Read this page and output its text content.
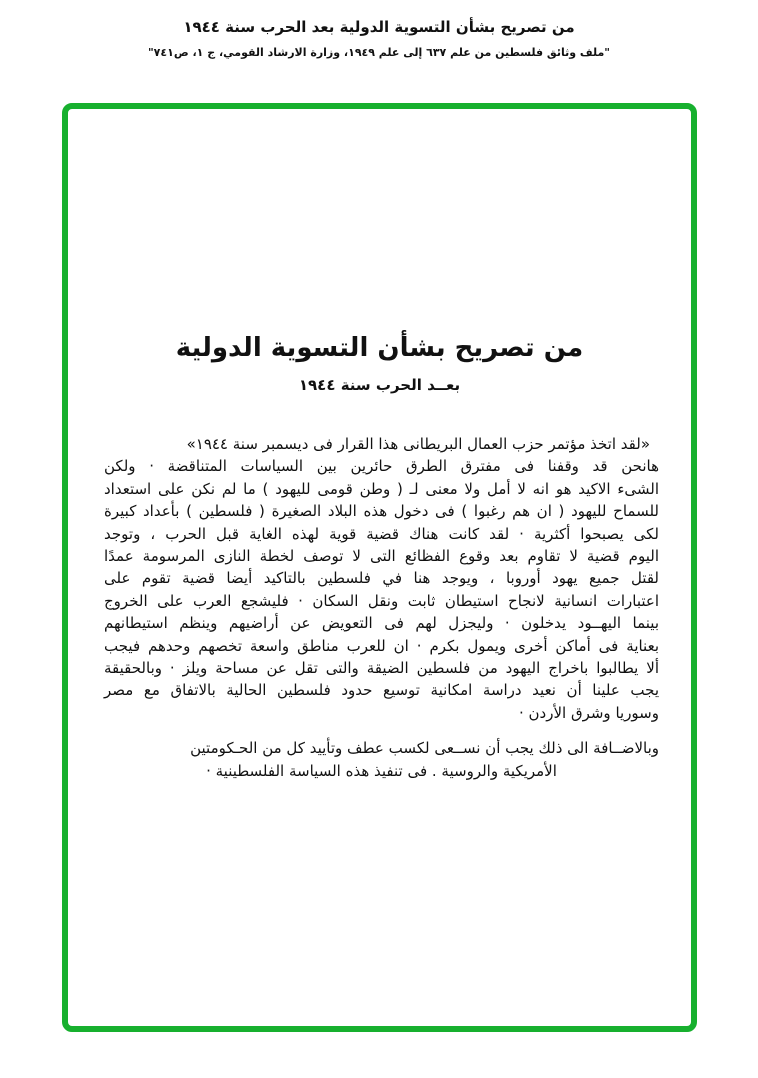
من تصريح بشأن التسوية الدولية بعد الحرب سنة ١٩٤٤
"ملف وثائق فلسطين من علم ٦٣٧ إلى علم ١٩٤٩، وزارة الارشاد القومي، ج ١، ص٧٤١"
من تصريح بشأن التسوية الدولية
بعــد الحرب سنة ١٩٤٤
«لقد اتخذ مؤتمر حزب العمال البريطانى هذا القرار فى ديسمبر سنة ١٩٤٤»
هانحن قد وقفنا فى مفترق الطرق حائرين بين السياسات المتناقضة · ولكن
الشىء الاكيد هو انه لا أمل ولا معنى لـ ( وطن قومى لليهود ) ما لم نكن على استعداد
للسماح لليهود ( ان هم رغبوا ) فى دخول هذه البلاد الصغيرة ( فلسطين ) بأعداد كبيرة
لكى يصبحوا أكثرية · لقد كانت هناك قضية قوية لهذه الغاية قبل الحرب ، وتوجد
اليوم قضية لا تقاوم بعد وقوع الفظائع التى لا توصف لخطة النازى المرسومة عمدًا
لقتل جميع يهود أوروبا ، ويوجد هنا في فلسطين بالتاكيد أيضا قضية تقوم على
اعتبارات انسانية لانجاح استيطان ثابت ونقل السكان · فليشجع العرب على الخروج
بينما اليهــود يدخلون · وليجزل لهم فى التعويض عن أراضيهم وينظم استيطانهم
بعناية فى أماكن أخرى ويمول بكرم · ان للعرب مناطق واسعة تخصهم وحدهم فيجب
ألا يطالبوا باخراج اليهود من فلسطين الضيقة والتى تقل عن مساحة ويلز · وبالحقيقة
يجب علينا أن نعيد دراسة امكانية توسيع حدود فلسطين الحالية بالاتفاق مع مصر
وسوريا وشرق الأردن ·
وبالاضــافة الى ذلك يجب أن نســعى لكسب عطف وتأييد كل من الحـكومتين
الأمريكية والروسية . فى تنفيذ هذه السياسة الفلسطينية ·
